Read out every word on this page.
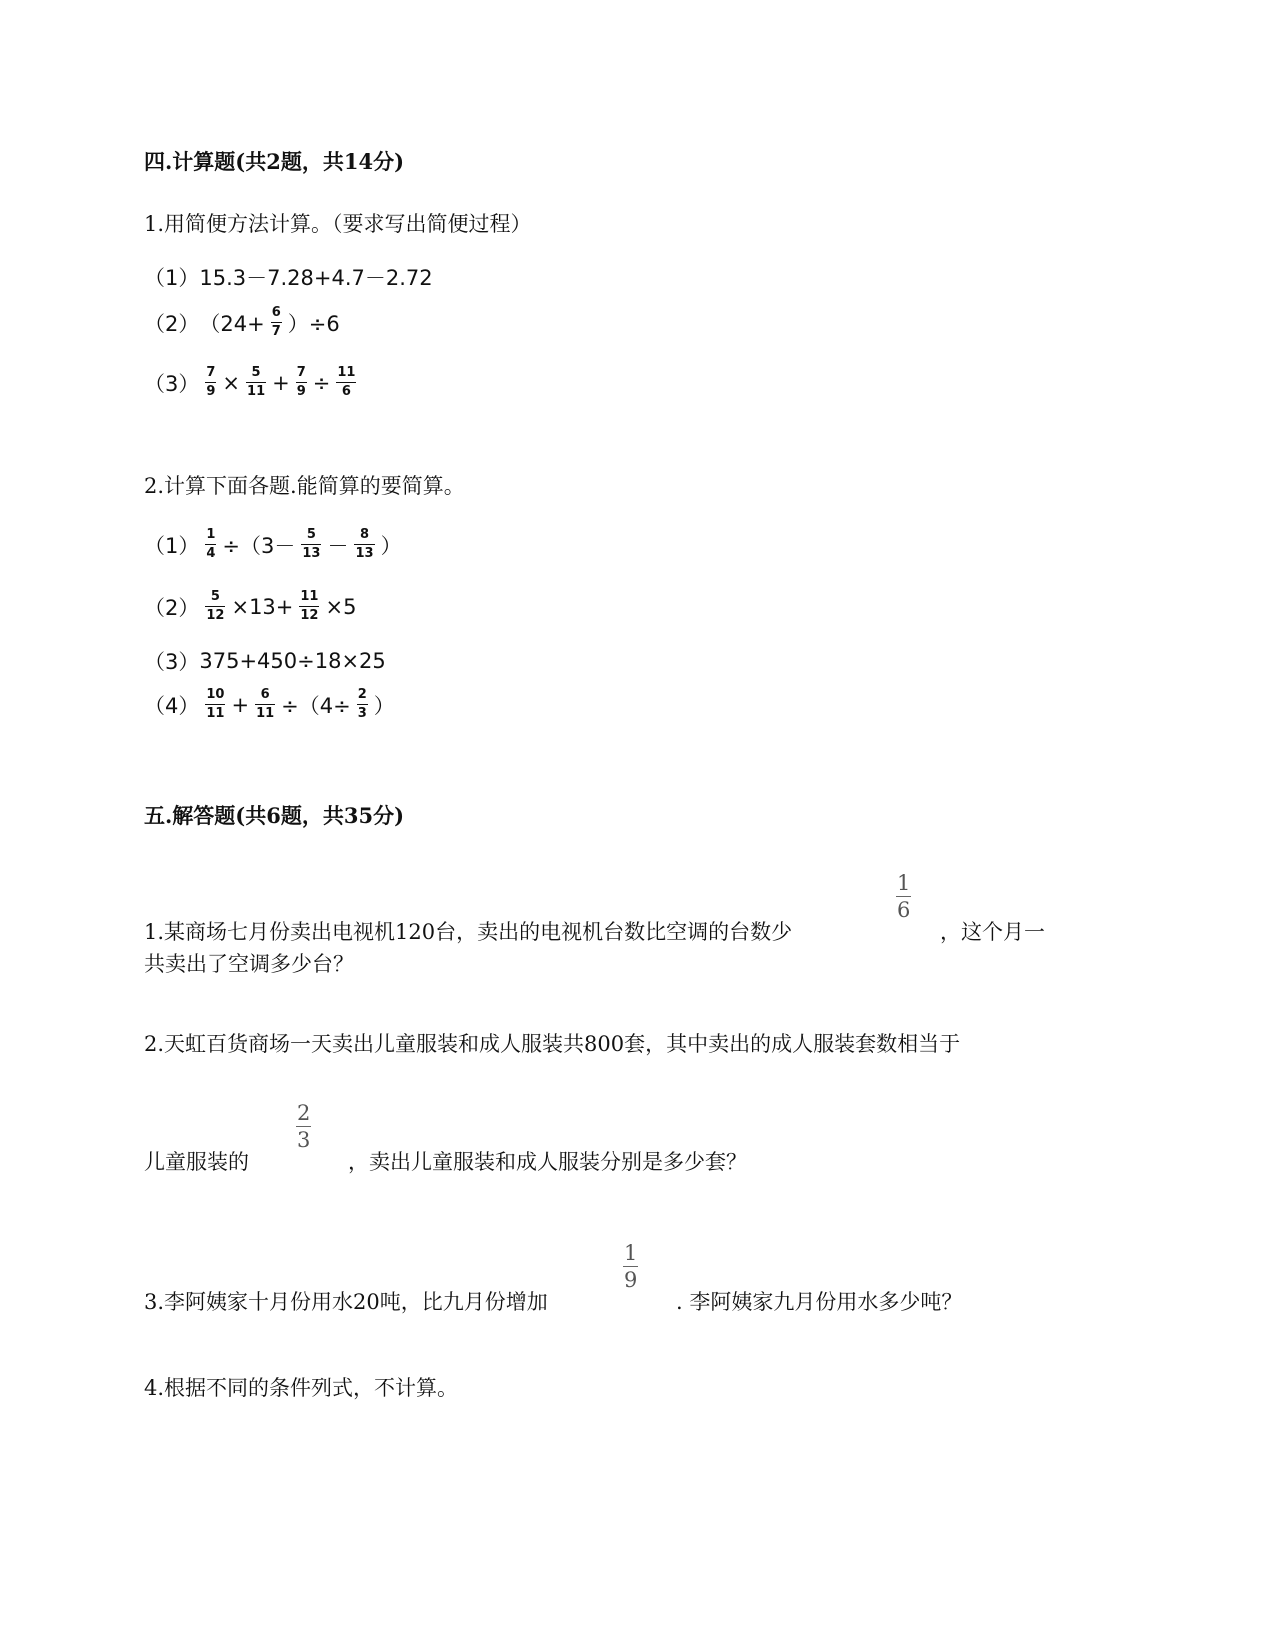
四.计算题(共2题，共14分)
1.用简便方法计算。（要求写出简便过程）
（1） 15.3－7.28+4.7－2.72
（2） $(24+ \frac{6}{7} )\div 6$
$(3) \frac{7}{9} \times \frac{5}{11} + \frac{7}{9} \div \frac{11}{6}$
2.计算下面各题.能简算的要简算。
$(1) \frac{1}{4} \div(3- \frac{5}{13} - \frac{8}{13}$ ）
$(2) \frac{5}{12} \times 13+ \frac{11}{12} \times 5$
（3） 375+450÷18×25
$(4) \frac{10}{11} + \frac{6}{11} \div(4\div \frac{2}{3}$ ）
五.解答题(共6题，共35分)
1.某商场七月份卖出电视机120台，卖出的电视机台数比空调的台数少
1
6
，这个月一
共卖出了空调多少台？
2.天虹百货商场一天卖出儿童服装和成人服装共800套，其中卖出的成人服装套数相当于
儿童服装的
2
3
，卖出儿童服装和成人服装分别是多少套？
3.李阿姨家十月份用水20吨，比九月份增加
1
9
. 李阿姨家九月份用水多少吨？
4.根据不同的条件列式，不计算。
